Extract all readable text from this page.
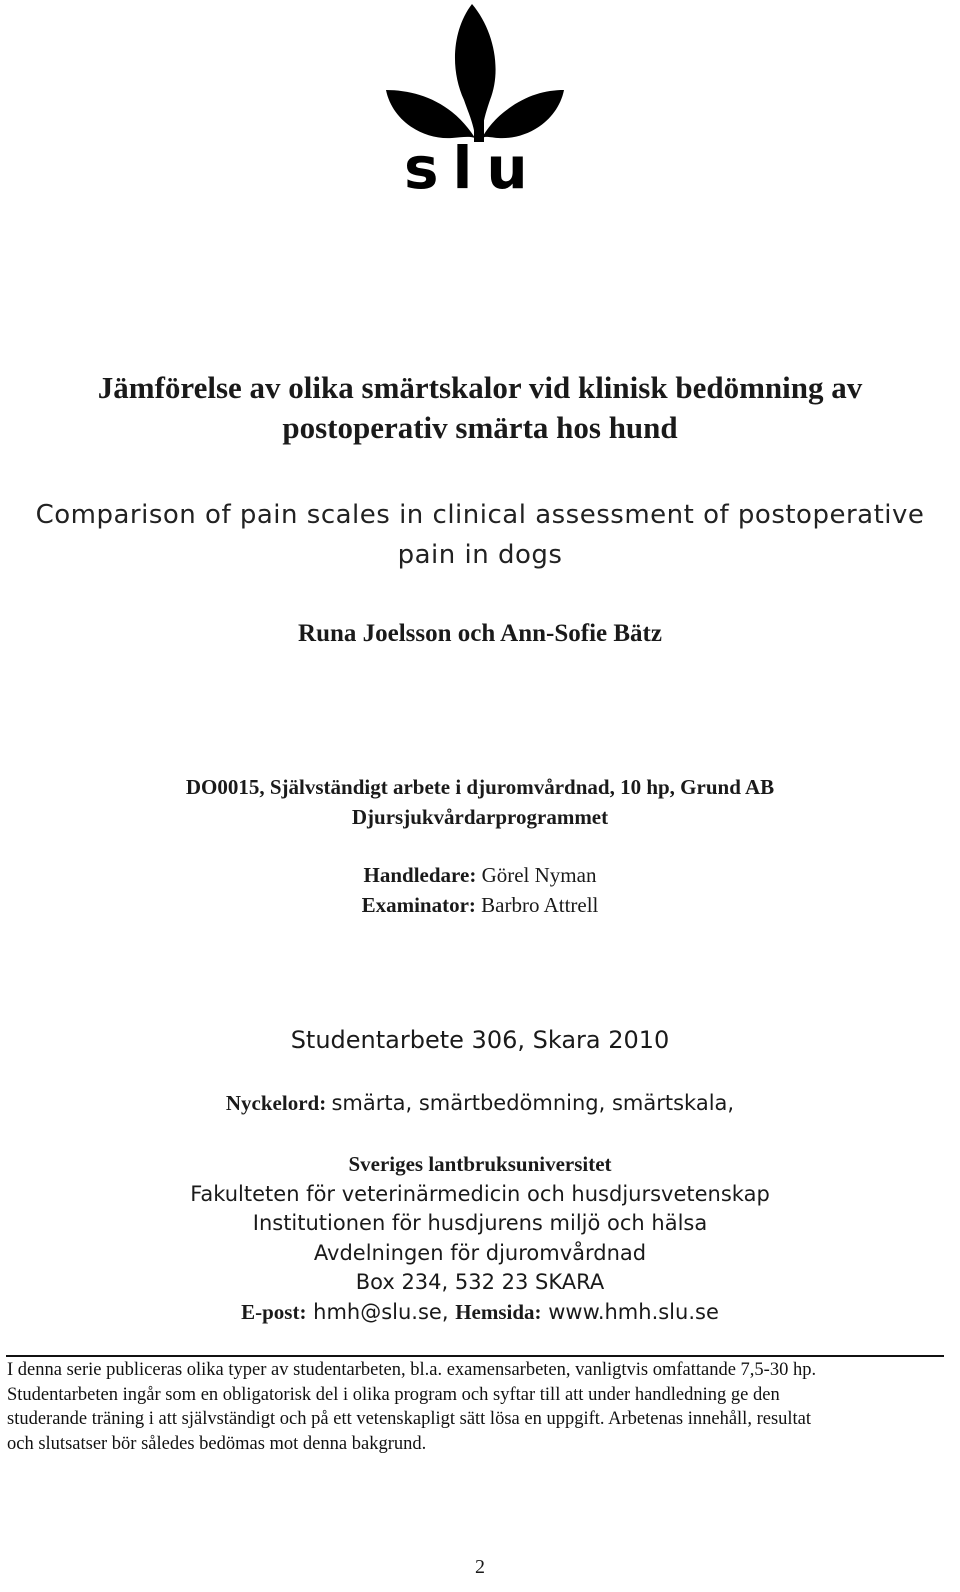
slu
Jämförelse av olika smärtskalor vid klinisk bedömning av
postoperativ smärta hos hund
Comparison of pain scales in clinical assessment of postoperative
pain in dogs
Runa Joelsson och Ann-Sofie Bätz
DO0015, Självständigt arbete i djuromvårdnad, 10 hp, Grund AB
Djursjukvårdarprogrammet
Handledare: Görel Nyman
Examinator: Barbro Attrell
Studentarbete 306, Skara 2010
Nyckelord: smärta, smärtbedömning, smärtskala,
Sveriges lantbruksuniversitet
Fakulteten för veterinärmedicin och husdjursvetenskap
Institutionen för husdjurens miljö och hälsa
Avdelningen för djuromvårdnad
Box 234, 532 23 SKARA
E-post: hmh@slu.se, Hemsida: www.hmh.slu.se
I denna serie publiceras olika typer av studentarbeten, bl.a. examensarbeten, vanligtvis omfattande 7,5-30 hp.
Studentarbeten ingår som en obligatorisk del i olika program och syftar till att under handledning ge den
studerande träning i att självständigt och på ett vetenskapligt sätt lösa en uppgift. Arbetenas innehåll, resultat
och slutsatser bör således bedömas mot denna bakgrund.
2
